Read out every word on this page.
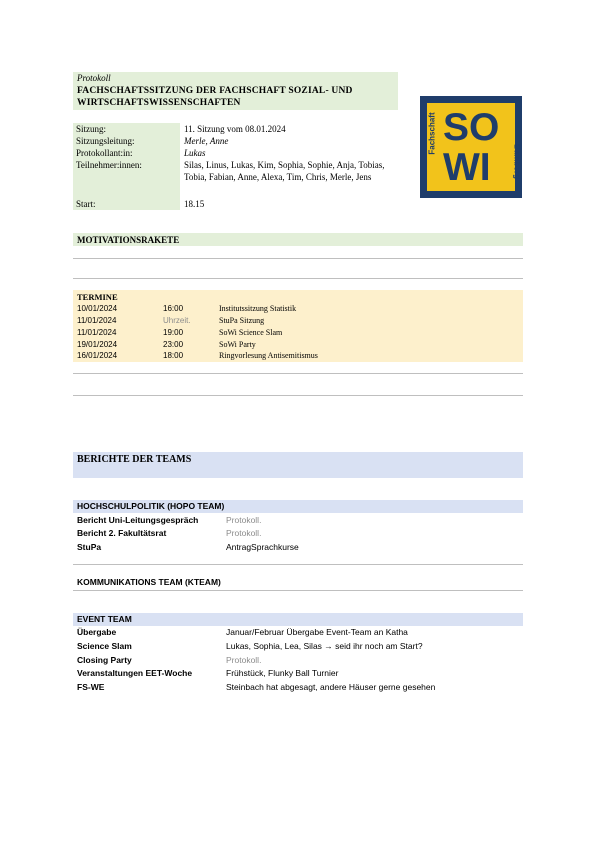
Protokoll
FACHSCHAFTSSITZUNG DER FACHSCHAFT SOZIAL- UND WIRTSCHAFTSWISSENSCHAFTEN
Sitzung:	11. Sitzung vom 08.01.2024
Sitzungsleitung:	Merle, Anne
Protokollant:in:	Lukas
Teilnehmer:innen:	Silas, Linus, Lukas, Kim, Sophia, Sophie, Anja, Tobias, Tobia, Fabian, Anne, Alexa, Tim, Chris, Merle, Jens
Start:	18.15
SO
WI
Fachschaft
Bamberg
MOTIVATIONSRAKETE
TERMINE
10/01/2024	16:00	Institutssitzung Statistik
11/01/2024	Uhrzeit.	StuPa Sitzung
11/01/2024	19:00	SoWi Science Slam
19/01/2024	23:00	SoWi Party
16/01/2024	18:00	Ringvorlesung Antisemitismus
BERICHTE DER TEAMS
HOCHSCHULPOLITIK (HOPO TEAM)
Bericht Uni-Leitungsgespräch	Protokoll.
Bericht 2. Fakultätsrat	Protokoll.
StuPa	AntragSprachkurse
KOMMUNIKATIONS TEAM (KTEAM)
EVENT TEAM
Übergabe	Januar/Februar Übergabe Event-Team an Katha
Science Slam	Lukas, Sophia, Lea, Silas → seid ihr noch am Start?
Closing Party	Protokoll.
Veranstaltungen EET-Woche	Frühstück, Flunky Ball Turnier
FS-WE	Steinbach hat abgesagt, andere Häuser gerne gesehen
